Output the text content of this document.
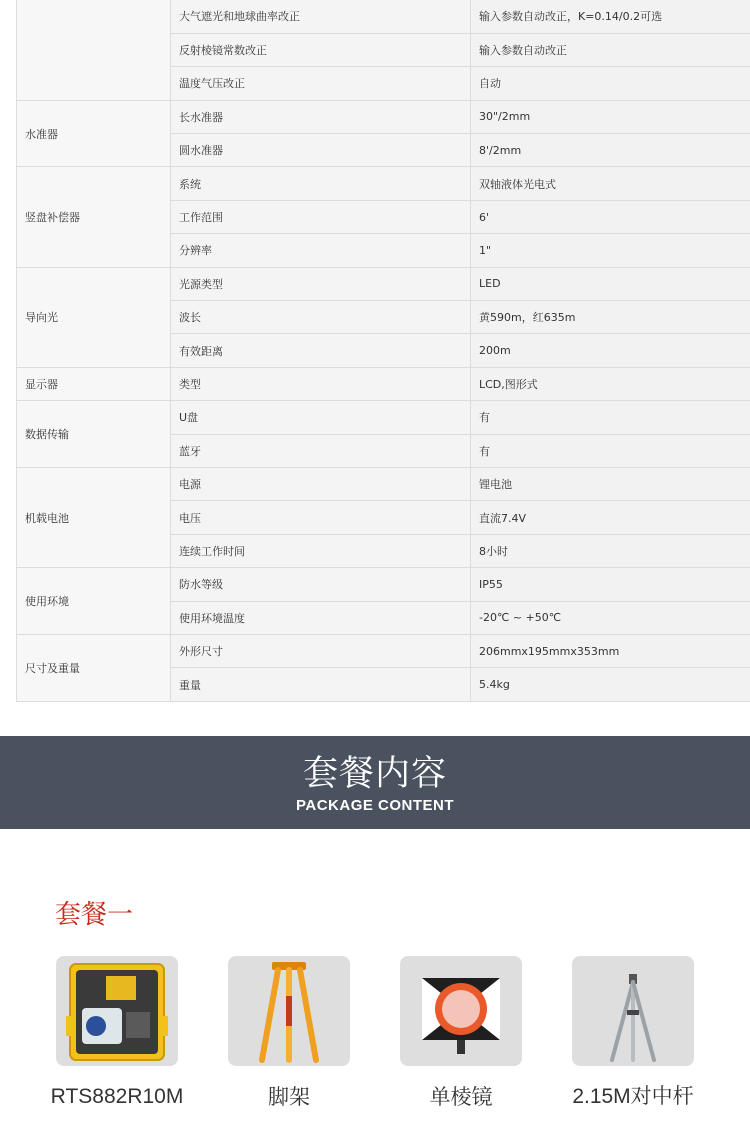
	大气遮光和地球曲率改正	输入参数自动改正，K=0.14/0.2可选
	反射棱镜常数改正	输入参数自动改正
	温度气压改正	自动
水准器	长水准器	30"/2mm
	圆水准器	8'/2mm
竖盘补偿器	系统	双轴液体光电式
	工作范围	6'
	分辨率	1"
导向光	光源类型	LED
	波长	黄590m，红635m
	有效距离	200m
显示器	类型	LCD,图形式
数据传输	U盘	有
	蓝牙	有
机载电池	电源	锂电池
	电压	直流7.4V
	连续工作时间	8小时
使用环境	防水等级	IP55
	使用环境温度	-20℃ ~ +50℃
尺寸及重量	外形尺寸	206mmx195mmx353mm
	重量	5.4kg
套餐内容
PACKAGE CONTENT
套餐一
RTS882R10M	脚架	单棱镜	2.15M对中杆
